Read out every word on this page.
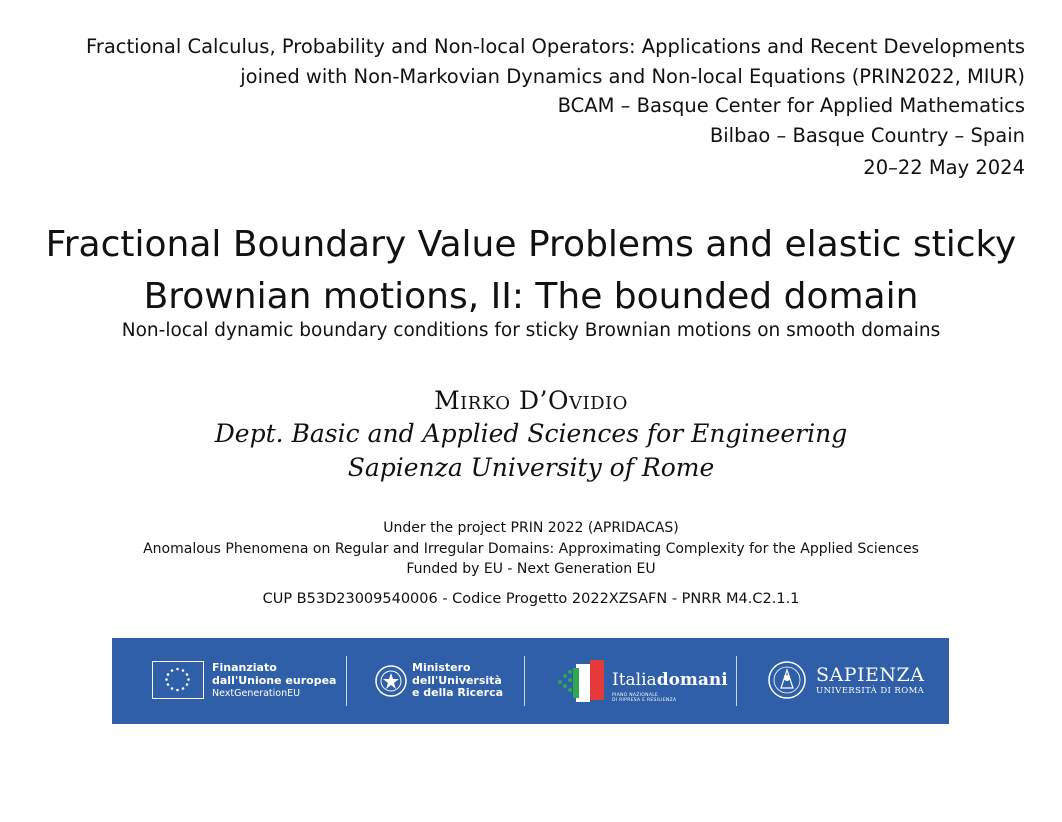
Fractional Calculus, Probability and Non-local Operators: Applications and Recent Developments
joined with Non-Markovian Dynamics and Non-local Equations (PRIN2022, MIUR)
BCAM – Basque Center for Applied Mathematics
Bilbao – Basque Country – Spain
20–22 May 2024
Fractional Boundary Value Problems and elastic sticky
Brownian motions, II: The bounded domain
Non-local dynamic boundary conditions for sticky Brownian motions on smooth domains
Mirko D’Ovidio
Dept. Basic and Applied Sciences for Engineering
Sapienza University of Rome
Under the project PRIN 2022 (APRIDACAS)
Anomalous Phenomena on Regular and Irregular Domains: Approximating Complexity for the Applied Sciences
Funded by EU - Next Generation EU
CUP B53D23009540006 - Codice Progetto 2022XZSAFN - PNRR M4.C2.1.1
Finanziato
dall'Unione europea
NextGenerationEU
Ministero
dell'Università
e della Ricerca
Italiadomani
PIANO NAZIONALE
DI RIPRESA E RESILIENZA
SAPIENZA
UNIVERSITÀ DI ROMA
